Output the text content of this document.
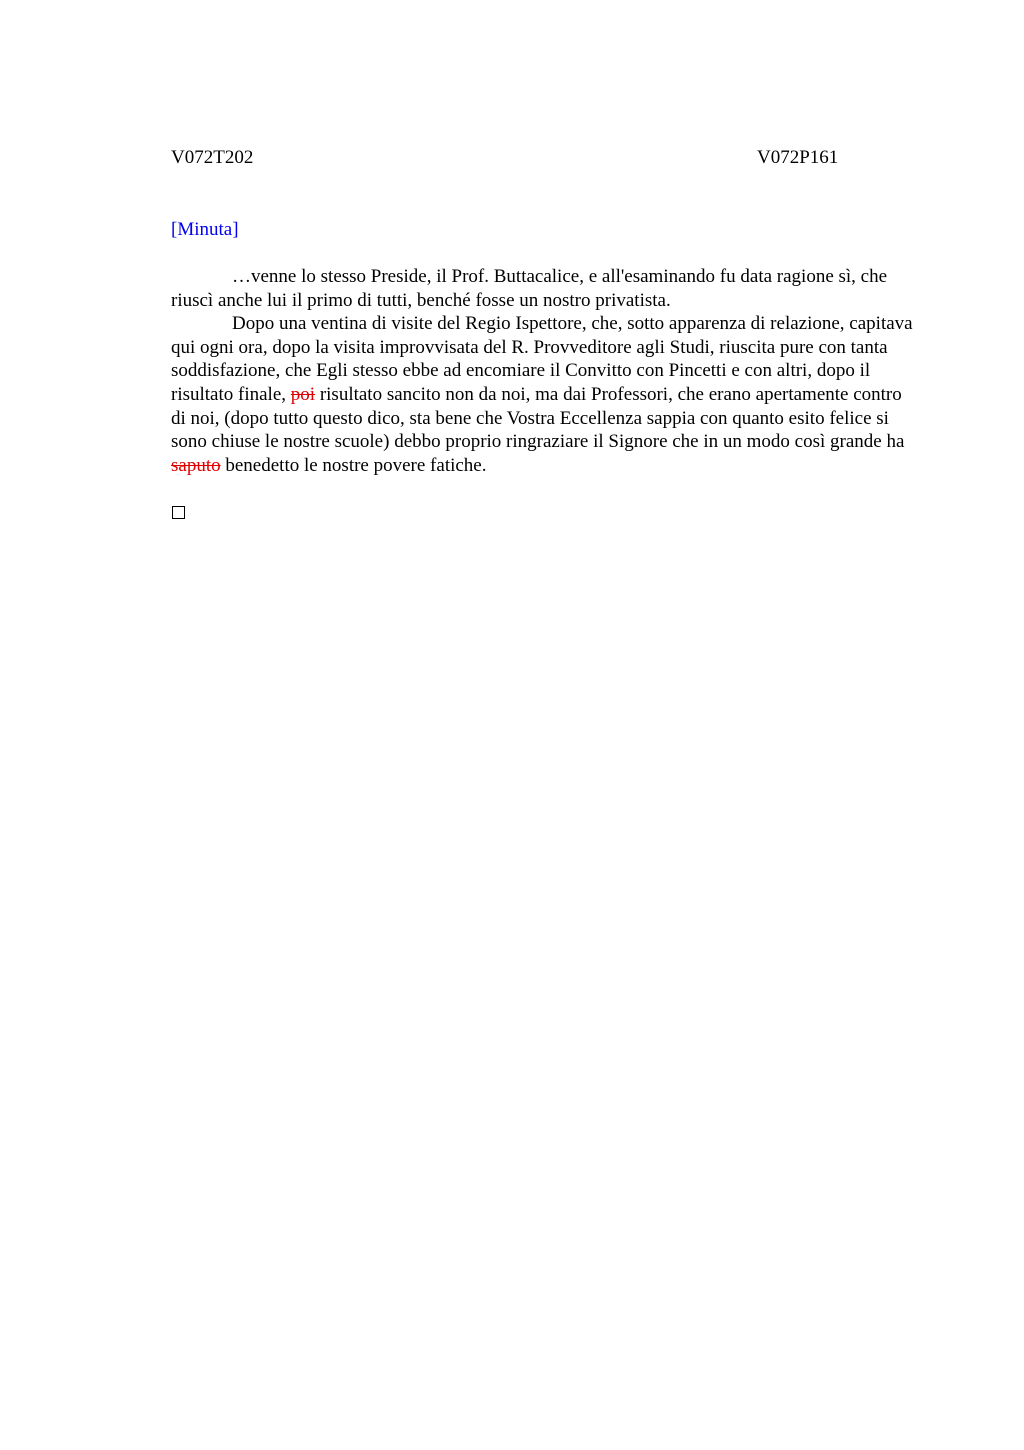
V072T202	V072P161
[Minuta]

…venne lo stesso Preside, il Prof. Buttacalice, e all'esaminando fu data ragione sì, che riuscì anche lui il primo di tutti, benché fosse un nostro privatista.

Dopo una ventina di visite del Regio Ispettore, che, sotto apparenza di relazione, capitava qui ogni ora, dopo la visita improvvisata del R. Provveditore agli Studi, riuscita pure con tanta soddisfazione, che Egli stesso ebbe ad encomiare il Convitto con Pincetti e con altri, dopo il risultato finale, poi risultato sancito non da noi, ma dai Professori, che erano apertamente contro di noi, (dopo tutto questo dico, sta bene che Vostra Eccellenza sappia con quanto esito felice si sono chiuse le nostre scuole) debbo proprio ringraziare il Signore che in un modo così grande ha saputo benedetto le nostre povere fatiche.
